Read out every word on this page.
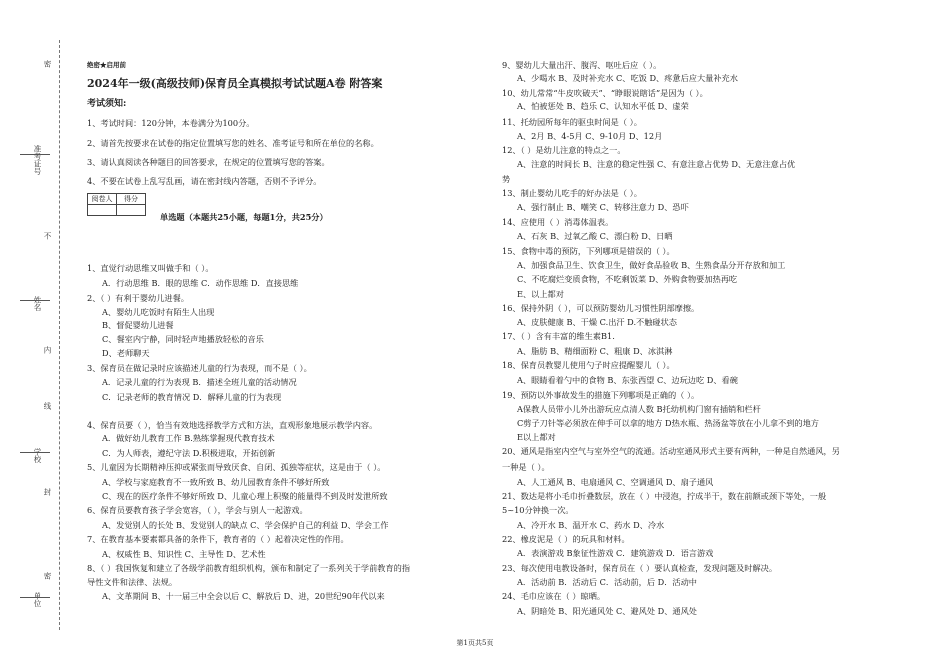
准考证号
姓名
学校
单位
密
不
内
线
封
密
绝密★启用前
2024年一级(高级技师)保育员全真模拟考试试题A卷 附答案
考试须知:
1、考试时间：120分钟，本卷满分为100分。
2、请首先按要求在试卷的指定位置填写您的姓名、准考证号和所在单位的名称。
3、请认真阅读各种题目的回答要求，在规定的位置填写您的答案。
4、不要在试卷上乱写乱画，请在密封线内答题，否则不予评分。
阅卷人	得分

单选题（本题共25小题，每题1分，共25分）
1、直觉行动思维又叫做手和（ ）。
A．行动思维 B．眼的思维 C．动作思维 D．直接思维
2、（ ）有利于婴幼儿进餐。
A、婴幼儿吃饭时有陌生人出现
B、督促婴幼儿进餐
C、餐室内宁静，同时轻声地播放轻松的音乐
D、老师聊天
3、保育员在做记录时应该描述儿童的行为表现，而不是（ ）。
A．记录儿童的行为表现 B．描述全班儿童的活动情况
C．记录老师的教育情况 D．解释儿童的行为表现
4、保育员要（ ），恰当有效地选择教学方式和方法，直观形象地展示教学内容。
A．做好幼儿教育工作 B.熟练掌握现代教育技术
C．为人师表，遵纪守法 D.积极进取，开拓创新
5、儿童因为长期精神压抑或紧张而导致厌食、自闭、孤独等症状，这是由于（ ）。
A、学校与家庭教育不一致所致 B、幼儿园教育条件不够好所致
C、现在的医疗条件不够好所致 D、儿童心理上积聚的能量得不到及时发泄所致
6、保育员要教育孩子学会宽容，（ ），学会与别人一起游戏。
A、发觉别人的长处 B、发觉别人的缺点 C、学会保护自己的利益 D、学会工作
7、在教育基本要素都具备的条件下，教育者的（ ）起着决定性的作用。
A、权威性 B、知识性 C、主导性 D、艺术性
8、（ ）我国恢复和建立了各级学前教育组织机构，颁布和制定了一系列关于学前教育的指
导性文件和法律、法规。
A、文革期间 B、十一届三中全会以后 C、解放后 D、进，20世纪90年代以来
9、婴幼儿大量出汗、腹泻、呕吐后应（ ）。
A、少喝水 B、及时补充水 C、吃饭 D、疼惫后应大量补充水
10、幼儿常常“牛皮吹破天”、“睁眼说瞎话”是因为（ ）。
A、怕被惩处 B、趋乐 C、认知水平低 D、虚荣
11、托幼园所每年的驱虫时间是（ ）。
A、2月 B、4-5月 C、9-10月 D、12月
12、（ ）是幼儿注意的特点之一。
A、注意的时间长 B、注意的稳定性强 C、有意注意占优势 D、无意注意占优
势
13、制止婴幼儿吃手的好办法是（ ）。
A、强行制止 B、嘲笑 C、转移注意力 D、恐吓
14、应使用（ ）消毒体温表。
A、石灰 B、过氧乙酸 C、漂白粉 D、日晒
15、食物中毒的预防，下列哪项是错误的（ ）。
A、加强食品卫生、饮食卫生，做好食品验收 B、生熟食品分开存放和加工
C、不吃腐烂变质食物，不吃剩饭菜 D、外购食物要加热再吃
E、以上都对
16、保持外阴（ ），可以预防婴幼儿习惯性阴部摩擦。
A、皮肤健康 B、干燥 C.出汗 D.不触碰状态
17、（ ）含有丰富的维生素B1.
A、脂肪 B、精细面粉 C、粗康 D、冰淇淋
18、保育员教婴儿使用勺子时应提醒婴儿（ ）。
A、眼睛看着勺中的食物 B、东张西望 C、边玩边吃 D、看碗
19、预防以外事故发生的措施下列哪项是正确的（ ）。
A保教人员带小儿外出游玩应点清人数 B托幼机构门窗有插销和栏杆
C剪子刀针等必须放在伸手可以拿的地方 D热水瓶、热汤盆等放在小儿拿不到的地方
E以上都对
20、通风是指室内空气与室外空气的流通。活动室通风形式主要有两种，一种是自然通风，另
一种是（ ）。
A、人工通风 B、电扇通风 C、空调通风 D、扇子通风
21、数达是将小毛巾折叠数层，放在（ ）中浸泡，拧成半干，数在前额或颈下等处，一般
5~10分钟换一次。
A、冷开水 B、温开水 C、药水 D、冷水
22、橡皮泥是（ ）的玩具和材料。
A．表演游戏 B象征性游戏 C．建筑游戏 D．语言游戏
23、每次使用电教设备时，保育员在（ ）要认真检查，发现问题及时解决。
A．活动前 B．活动后 C．活动前，后 D．活动中
24、毛巾应该在（ ）晾晒。
A、阴暗处 B、阳光通风处 C、避风处 D、通风处
第1页共5页
